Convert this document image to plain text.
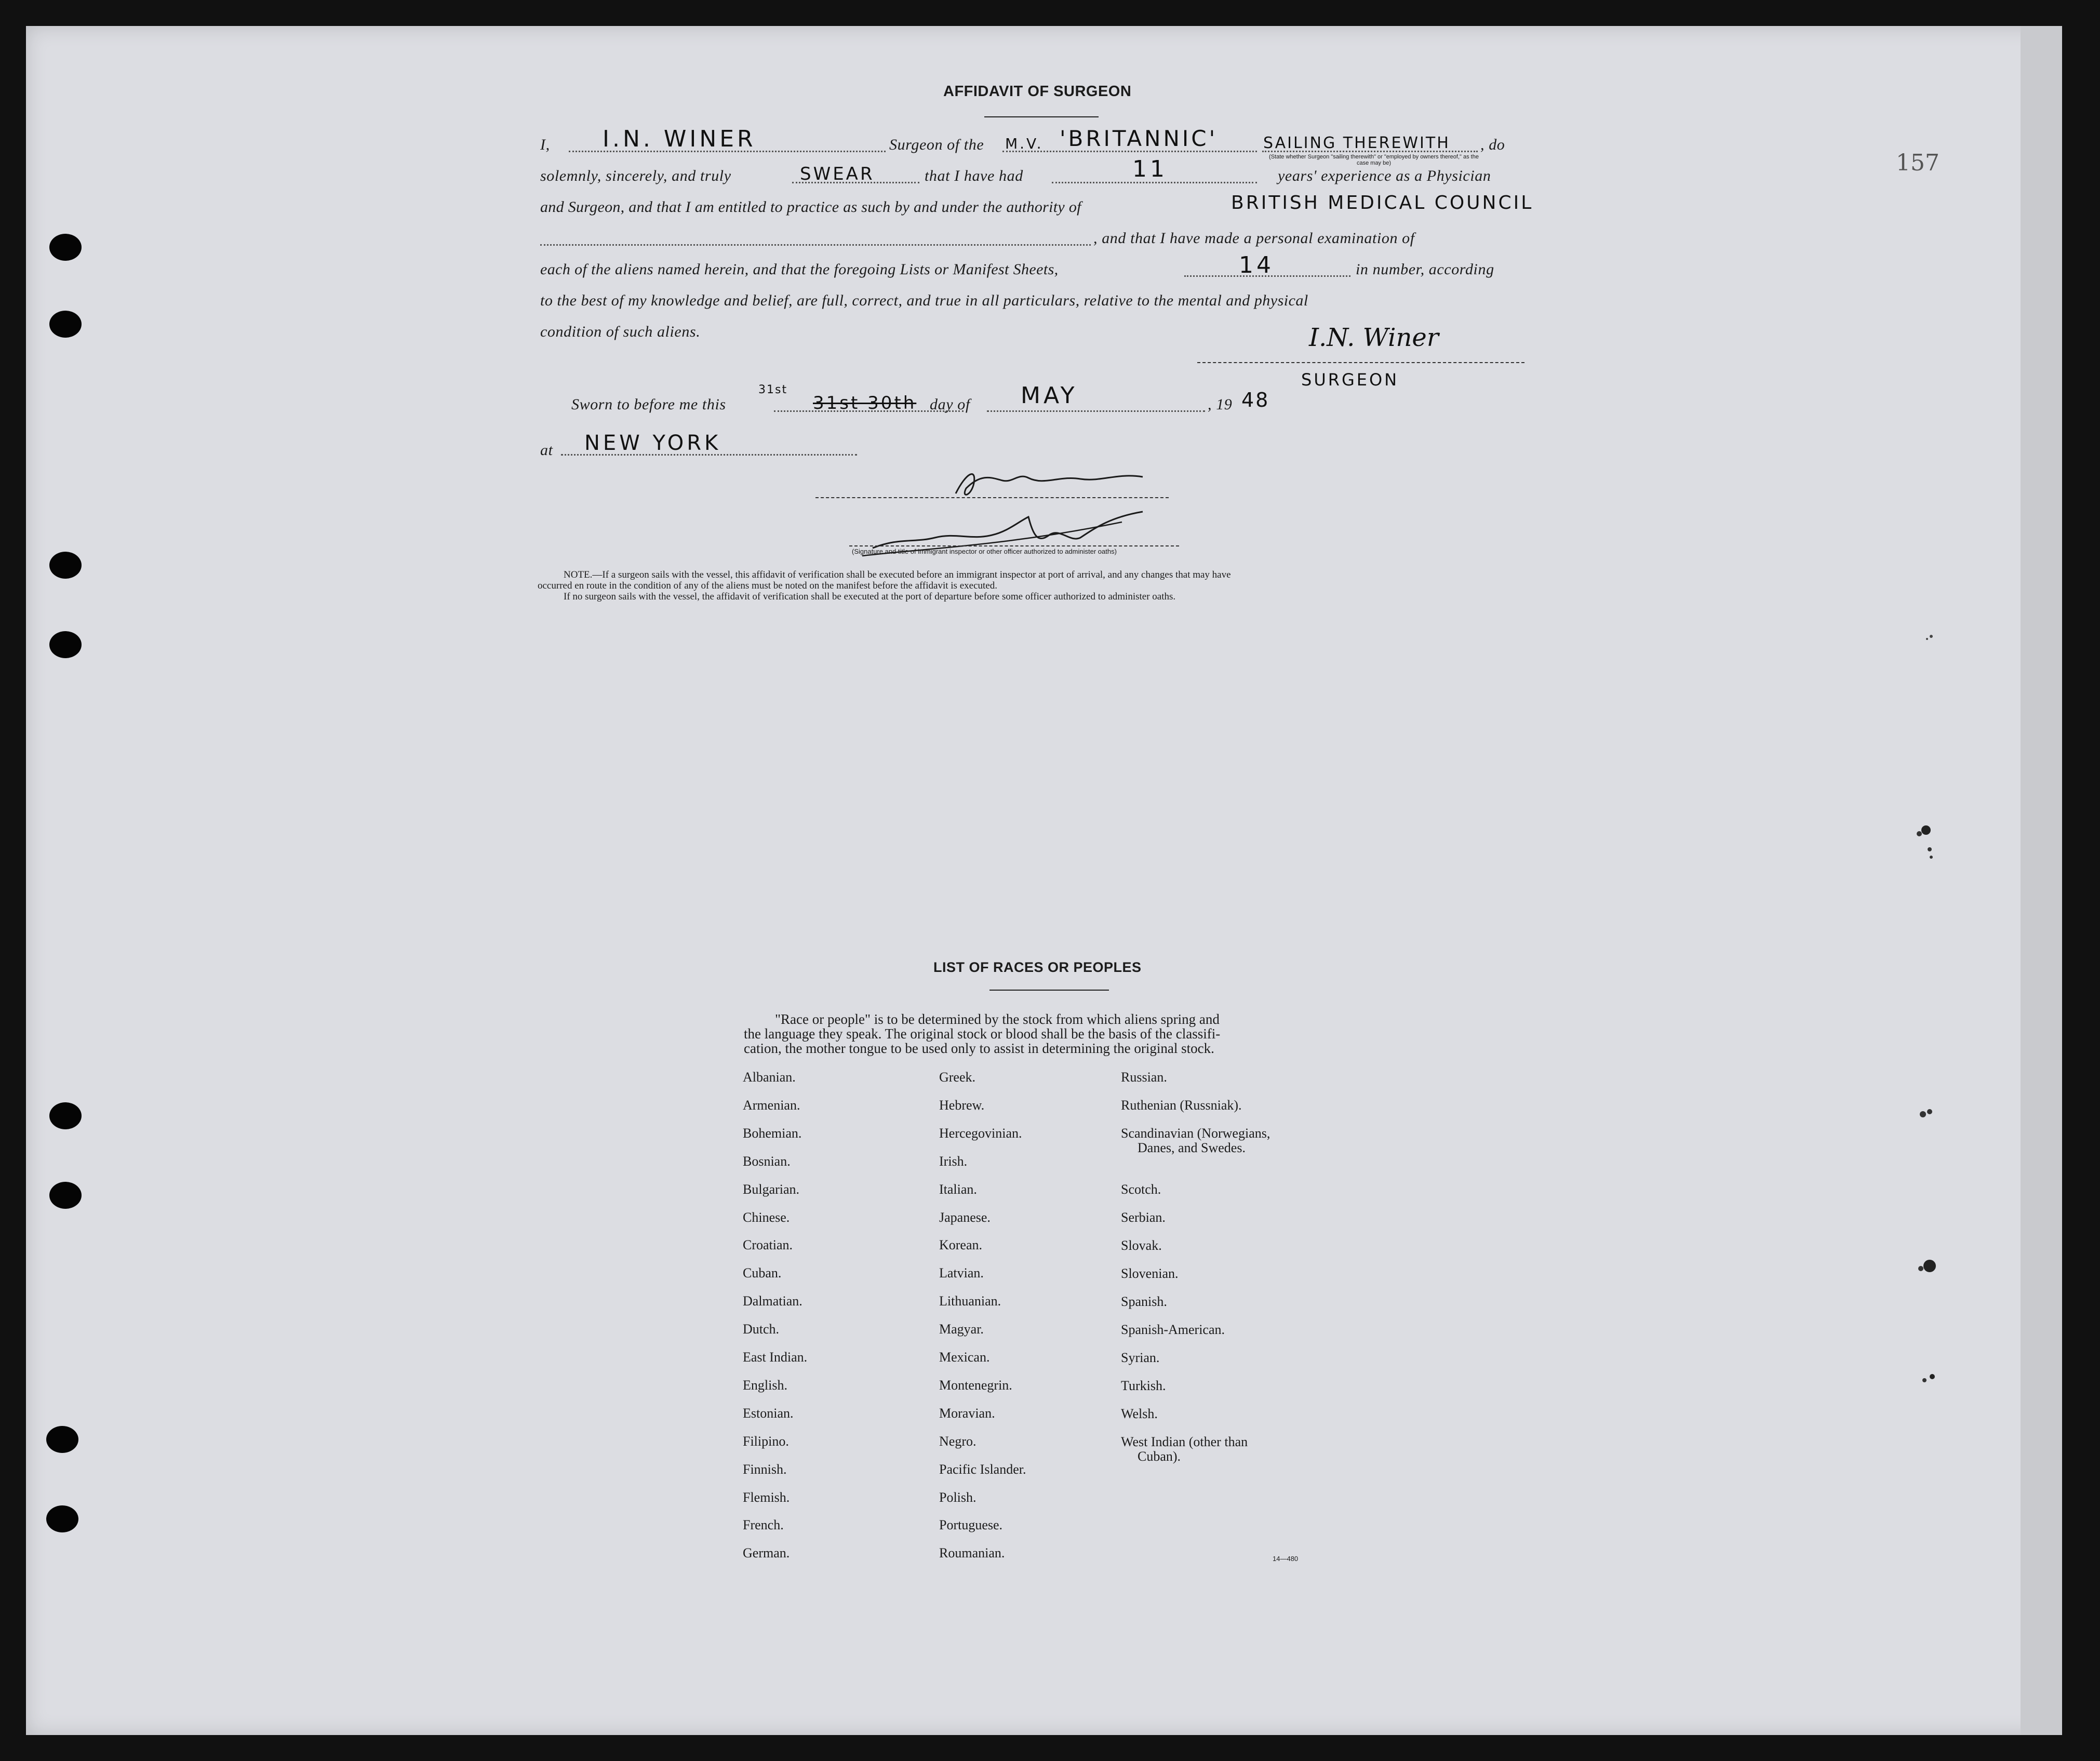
157
AFFIDAVIT OF SURGEON
I, I.N. WINER	Surgeon of the M.V. 'BRITANNIC'	SAILING THEREWITH , do
(State whether Surgeon "sailing therewith" or "employed by owners thereof," as the case may be)
solemnly, sincerely, and truly	SWEAR	that I have had	11	years' experience as a Physician
and Surgeon, and that I am entitled to practice as such by and under the authority of	BRITISH MEDICAL COUNCIL
, and that I have made a personal examination of
each of the aliens named herein, and that the foregoing Lists or Manifest Sheets,	14	in number, according
to the best of my knowledge and belief, are full, correct, and true in all particulars, relative to the mental and physical
condition of such aliens.	I.N. Winer
SURGEON
Sworn to before me this
31st
31st 30th day of MAY	, 19 48
at NEW YORK
(Signature and title of immigrant inspector or other officer authorized to administer oaths)
NOTE.—If a surgeon sails with the vessel, this affidavit of verification shall be executed before an immigrant inspector at port of arrival, and any changes that may have
occurred en route in the condition of any of the aliens must be noted on the manifest before the affidavit is executed.
If no surgeon sails with the vessel, the affidavit of verification shall be executed at the port of departure before some officer authorized to administer oaths.
LIST OF RACES OR PEOPLES
"Race or people" is to be determined by the stock from which aliens spring and
the language they speak. The original stock or blood shall be the basis of the classifi-
cation, the mother tongue to be used only to assist in determining the original stock.
Albanian.
Armenian.
Bohemian.
Bosnian.
Bulgarian.
Chinese.
Croatian.
Cuban.
Dalmatian.
Dutch.
East Indian.
English.
Estonian.
Filipino.
Finnish.
Flemish.
French.
German.
Greek.
Hebrew.
Hercegovinian.
Irish.
Italian.
Japanese.
Korean.
Latvian.
Lithuanian.
Magyar.
Mexican.
Montenegrin.
Moravian.
Negro.
Pacific Islander.
Polish.
Portuguese.
Roumanian.
Russian.
Ruthenian (Russniak).
Scandinavian (Norwegians,
Danes, and Swedes.
Scotch.
Serbian.
Slovak.
Slovenian.
Spanish.
Spanish-American.
Syrian.
Turkish.
Welsh.
West Indian (other than
Cuban).
14—480
